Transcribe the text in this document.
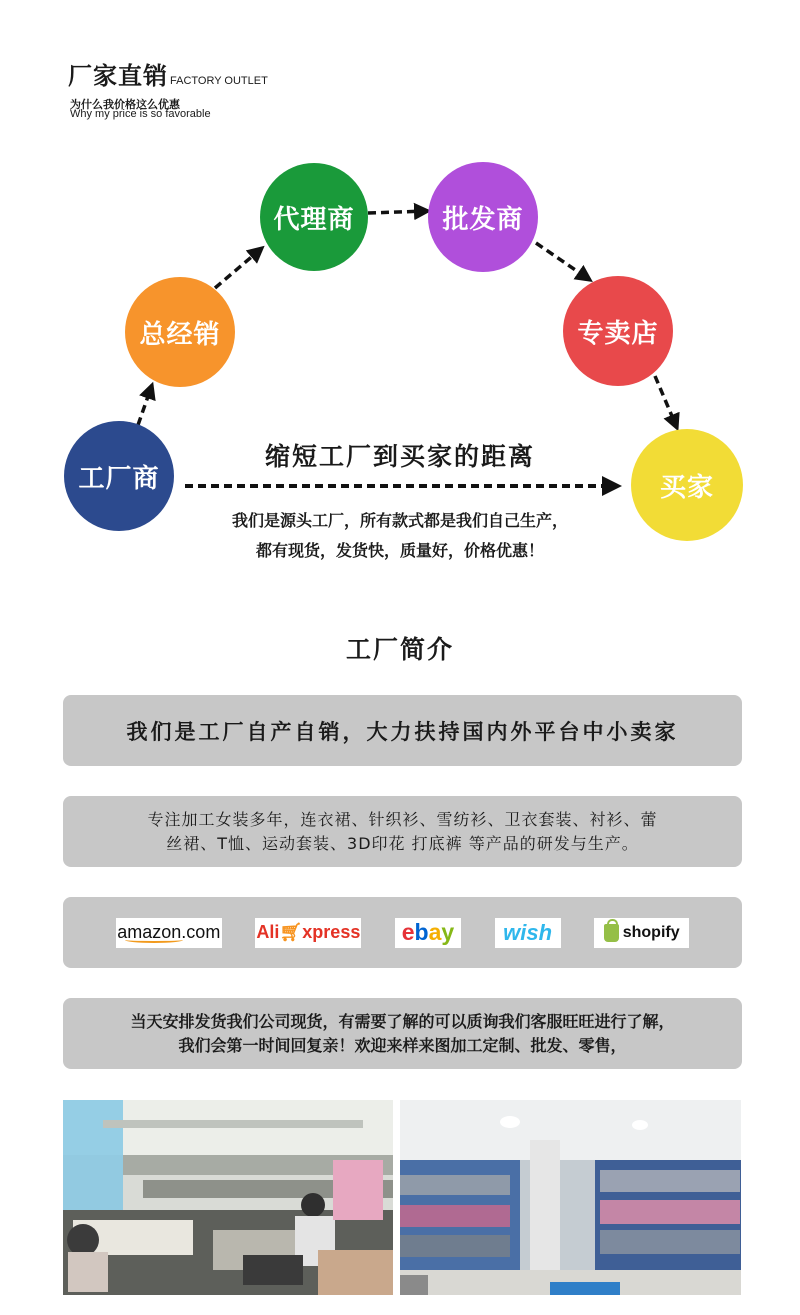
厂家直销 FACTORY OUTLET
为什么我价格这么优惠
Why my price is so favorable
工厂商
总经销
代理商	批发商
专卖店
买家
缩短工厂到买家的距离
我们是源头工厂，所有款式都是我们自己生产，
都有现货，发货快，质量好，价格优惠！
工厂简介
我们是工厂自产自销，大力扶持国内外平台中小卖家
专注加工女装多年，连衣裙、针织衫、雪纺衫、卫衣套装、衬衫、蕾
丝裙、T恤、运动套装、3D印花 打底裤 等产品的研发与生产。
amazon.com Ali 🛒︎ xpress e b a y wish	shopify
当天安排发货我们公司现货，有需要了解的可以质询我们客服旺旺进行了解，
我们会第一时间回复亲！欢迎来样来图加工定制、批发、零售，
